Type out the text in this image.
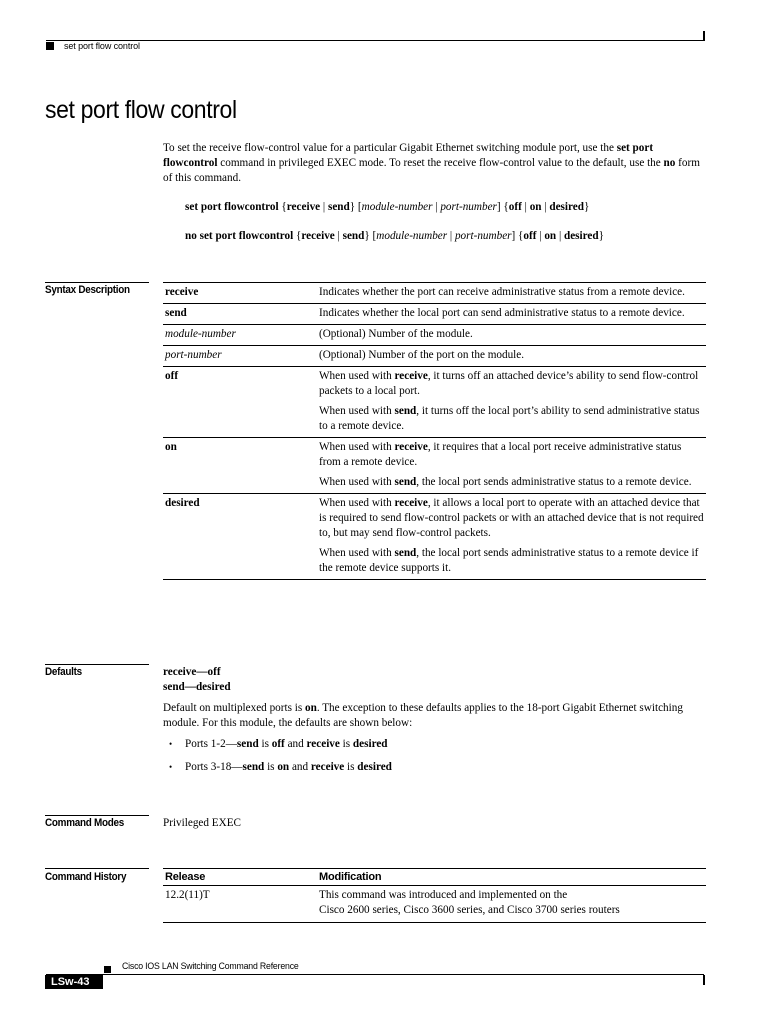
set port flow control
set port flow control
To set the receive flow-control value for a particular Gigabit Ethernet switching module port, use the set port flowcontrol command in privileged EXEC mode. To reset the receive flow-control value to the default, use the no form of this command.
set port flowcontrol {receive | send} [module-number | port-number] {off | on | desired}
no set port flowcontrol {receive | send} [module-number | port-number] {off | on | desired}
Syntax Description	receive	Indicates whether the port can receive administrative status from a remote device.
send	Indicates whether the local port can send administrative status to a remote device.
module-number	(Optional) Number of the module.
port-number	(Optional) Number of the port on the module.
off	When used with receive, it turns off an attached device’s ability to send flow-control packets to a local port.

When used with send, it turns off the local port’s ability to send administrative status to a remote device.

on	When used with receive, it requires that a local port receive administrative status from a remote device.

When used with send, the local port sends administrative status to a remote device.

desired	When used with receive, it allows a local port to operate with an attached device that is required to send flow-control packets or with an attached device that is not required to, but may send flow-control packets.

When used with send, the local port sends administrative status to a remote device if the remote device supports it.

Defaults	receive—off
send—desired
Default on multiplexed ports is on. The exception to these defaults applies to the 18-port Gigabit Ethernet switching module. For this module, the defaults are shown below:
• Ports 1-2—send is off and receive is desired
• Ports 3-18—send is on and receive is desired
Command Modes	Privileged EXEC
Command History	Release	Modification
12.2(11)T	This command was introduced and implemented on the
Cisco 2600 series, Cisco 3600 series, and Cisco 3700 series routers
Cisco IOS LAN Switching Command Reference
LSw-43
